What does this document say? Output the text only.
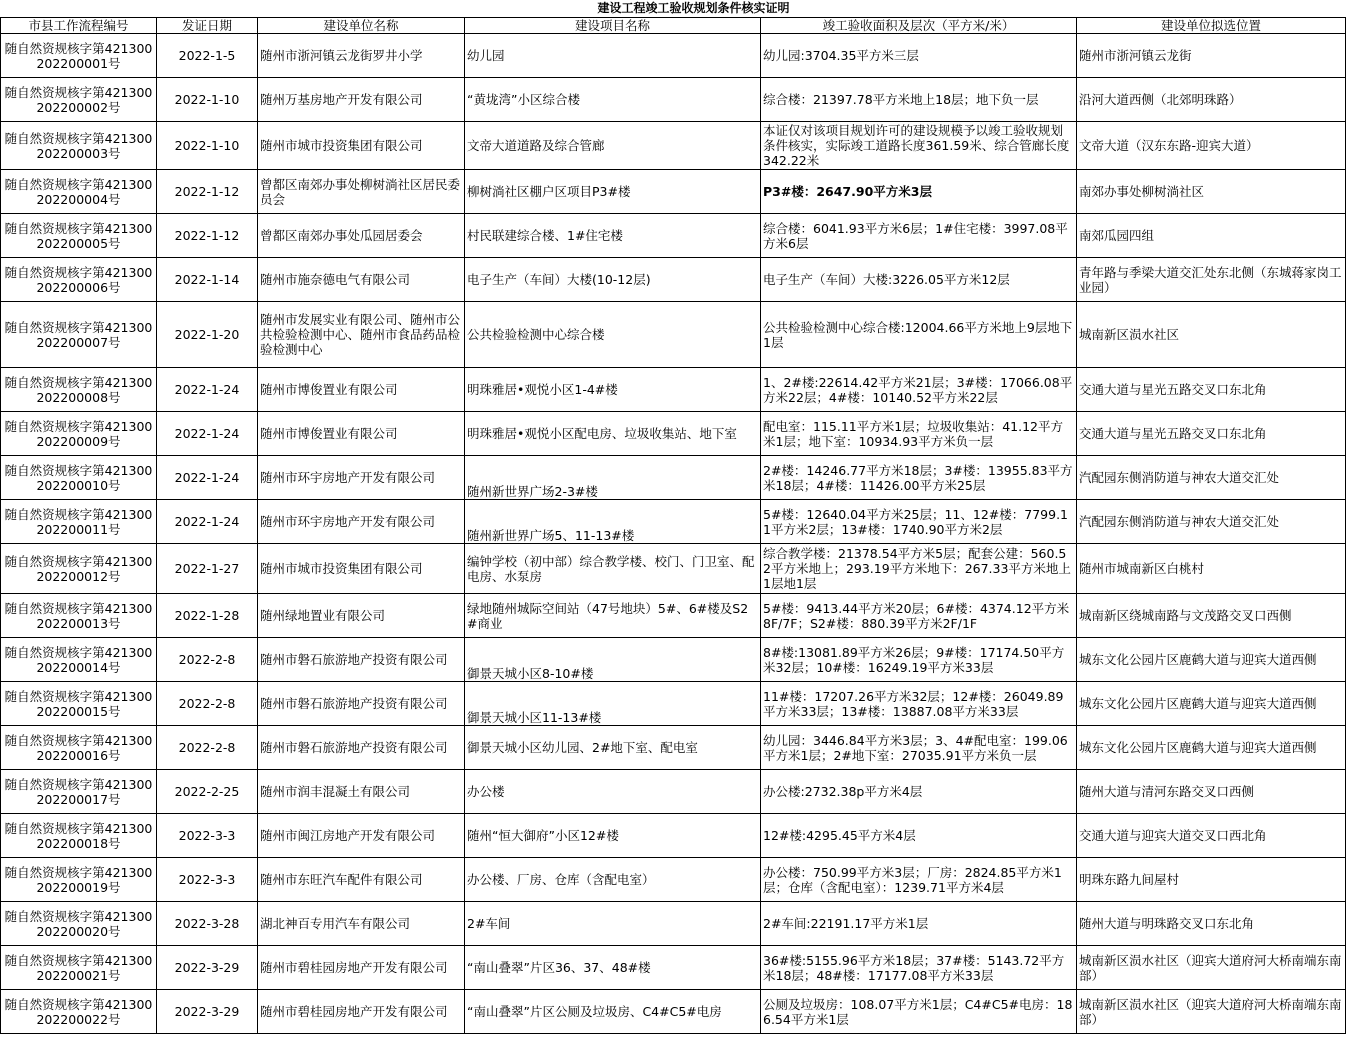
建设工程竣工验收规划条件核实证明
市县工作流程编号	发证日期	建设单位名称	建设项目名称	竣工验收面积及层次（平方米/米）	建设单位拟选位置
随自然资规核字第421300202200001号	2022-1-5	随州市浙河镇云龙街罗井小学	幼儿园	幼儿园:3704.35平方米三层	随州市浙河镇云龙街
随自然资规核字第421300202200002号	2022-1-10	随州万基房地产开发有限公司	“黄垅湾”小区综合楼	综合楼：21397.78平方米地上18层；地下负一层	沿河大道西侧（北郊明珠路）
随自然资规核字第421300202200003号	2022-1-10	随州市城市投资集团有限公司	文帝大道道路及综合管廊	本证仅对该项目规划许可的建设规模予以竣工验收规划条件核实，实际竣工道路长度361.59米、综合管廊长度342.22米	文帝大道（汉东东路-迎宾大道）
随自然资规核字第421300202200004号	2022-1-12	曾都区南郊办事处柳树淌社区居民委员会	柳树淌社区棚户区项目P3#楼	P3#楼：2647.90平方米3层	南郊办事处柳树淌社区
随自然资规核字第421300202200005号	2022-1-12	曾都区南郊办事处瓜园居委会	村民联建综合楼、1#住宅楼	综合楼：6041.93平方米6层；1#住宅楼：3997.08平方米6层	南郊瓜园四组
随自然资规核字第421300202200006号	2022-1-14	随州市施奈德电气有限公司	电子生产（车间）大楼(10-12层)	电子生产（车间）大楼:3226.05平方米12层	青年路与季梁大道交汇处东北侧（东城蒋家岗工业园）
随自然资规核字第421300202200007号	2022-1-20	随州市发展实业有限公司、随州市公共检验检测中心、随州市食品药品检验检测中心	公共检验检测中心综合楼	公共检验检测中心综合楼:12004.66平方米地上9层地下1层	城南新区涢水社区
随自然资规核字第421300202200008号	2022-1-24	随州市博俊置业有限公司	明珠雅居•观悦小区1-4#楼	1、2#楼:22614.42平方米21层；3#楼：17066.08平方米22层；4#楼：10140.52平方米22层	交通大道与星光五路交叉口东北角
随自然资规核字第421300202200009号	2022-1-24	随州市博俊置业有限公司	明珠雅居•观悦小区配电房、垃圾收集站、地下室	配电室：115.11平方米1层；垃圾收集站：41.12平方米1层；地下室：10934.93平方米负一层	交通大道与星光五路交叉口东北角
随自然资规核字第421300202200010号	2022-1-24	随州市环宇房地产开发有限公司	随州新世界广场2-3#楼	2#楼：14246.77平方米18层；3#楼：13955.83平方米18层；4#楼：11426.00平方米25层	汽配园东侧消防道与神农大道交汇处
随自然资规核字第421300202200011号	2022-1-24	随州市环宇房地产开发有限公司	随州新世界广场5、11-13#楼	5#楼：12640.04平方米25层；11、12#楼：7799.11平方米2层；13#楼：1740.90平方米2层	汽配园东侧消防道与神农大道交汇处
随自然资规核字第421300202200012号	2022-1-27	随州市城市投资集团有限公司	编钟学校（初中部）综合教学楼、校门、门卫室、配电房、水泵房	综合教学楼：21378.54平方米5层；配套公建：560.52平方米地上；293.19平方米地下：267.33平方米地上1层地1层	随州市城南新区白桃村
随自然资规核字第421300202200013号	2022-1-28	随州绿地置业有限公司	绿地随州城际空间站（47号地块）5#、6#楼及S2#商业	5#楼：9413.44平方米20层；6#楼：4374.12平方米8F/7F；S2#楼：880.39平方米2F/1F	城南新区绕城南路与文茂路交叉口西侧
随自然资规核字第421300202200014号	2022-2-8	随州市磐石旅游地产投资有限公司	御景天城小区8-10#楼	8#楼:13081.89平方米26层；9#楼：17174.50平方米32层；10#楼：16249.19平方米33层	城东文化公园片区鹿鹤大道与迎宾大道西侧
随自然资规核字第421300202200015号	2022-2-8	随州市磐石旅游地产投资有限公司	御景天城小区11-13#楼	11#楼：17207.26平方米32层；12#楼：26049.89平方米33层；13#楼：13887.08平方米33层	城东文化公园片区鹿鹤大道与迎宾大道西侧
随自然资规核字第421300202200016号	2022-2-8	随州市磐石旅游地产投资有限公司	御景天城小区幼儿园、2#地下室、配电室	幼儿园：3446.84平方米3层；3、4#配电室：199.06平方米1层；2#地下室：27035.91平方米负一层	城东文化公园片区鹿鹤大道与迎宾大道西侧
随自然资规核字第421300202200017号	2022-2-25	随州市润丰混凝土有限公司	办公楼	办公楼:2732.38p平方米4层	随州大道与清河东路交叉口西侧
随自然资规核字第421300202200018号	2022-3-3	随州市闽江房地产开发有限公司	随州“恒大御府”小区12#楼	12#楼:4295.45平方米4层	交通大道与迎宾大道交叉口西北角
随自然资规核字第421300202200019号	2022-3-3	随州市东旺汽车配件有限公司	办公楼、厂房、仓库（含配电室）	办公楼：750.99平方米3层；厂房：2824.85平方米1层；仓库（含配电室）：1239.71平方米4层	明珠东路九间屋村
随自然资规核字第421300202200020号	2022-3-28	湖北神百专用汽车有限公司	2#车间	2#车间:22191.17平方米1层	随州大道与明珠路交叉口东北角
随自然资规核字第421300202200021号	2022-3-29	随州市碧桂园房地产开发有限公司	“南山叠翠”片区36、37、48#楼	36#楼:5155.96平方米18层；37#楼：5143.72平方米18层；48#楼：17177.08平方米33层	城南新区涢水社区（迎宾大道府河大桥南端东南部）
随自然资规核字第421300202200022号	2022-3-29	随州市碧桂园房地产开发有限公司	“南山叠翠”片区公厕及垃圾房、C4#C5#电房	公厕及垃圾房：108.07平方米1层；C4#C5#电房：186.54平方米1层	城南新区涢水社区（迎宾大道府河大桥南端东南部）
